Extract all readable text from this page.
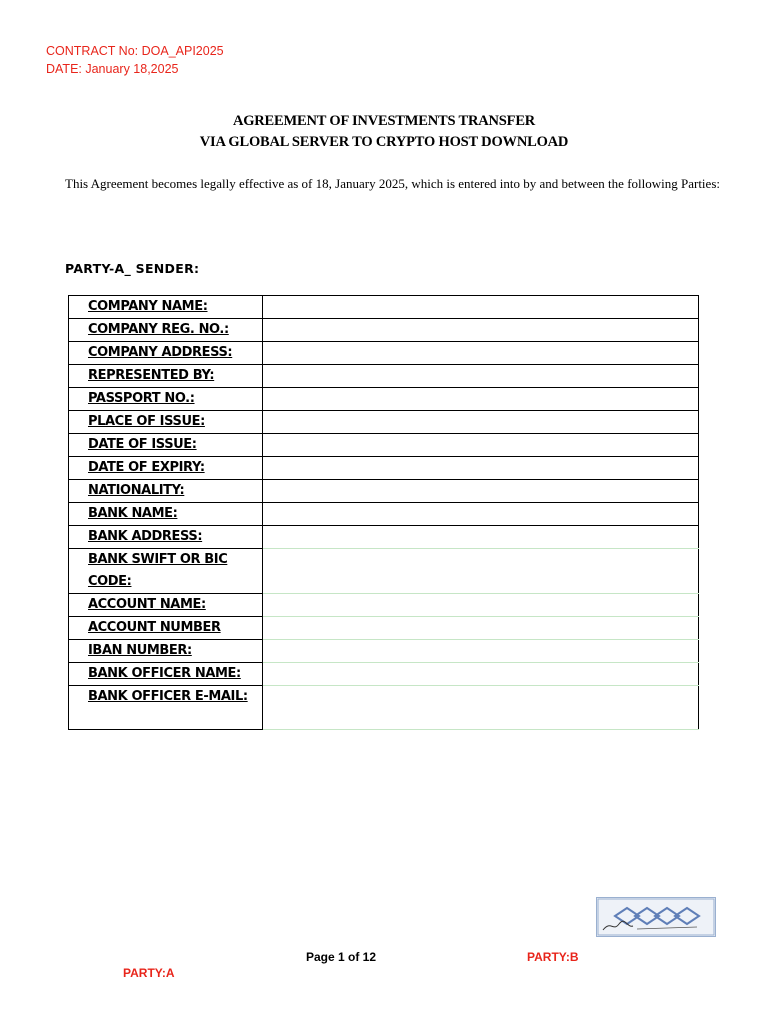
CONTRACT No: DOA_API2025
DATE: January 18,2025
AGREEMENT OF INVESTMENTS TRANSFER
VIA GLOBAL SERVER TO CRYPTO HOST DOWNLOAD
This Agreement becomes legally effective as of 18, January 2025, which is entered into by and between the following Parties:
PARTY-A_ SENDER:
COMPANY NAME:	
COMPANY REG. NO.:	
COMPANY ADDRESS:	
REPRESENTED BY:	
PASSPORT NO.:	
PLACE OF ISSUE:	
DATE OF ISSUE:	
DATE OF EXPIRY:	
NATIONALITY:	
BANK NAME:	
BANK ADDRESS:	
BANK SWIFT OR BIC CODE:	
ACCOUNT NAME:	
ACCOUNT NUMBER	
IBAN NUMBER:	
BANK OFFICER NAME:	
BANK OFFICER E-MAIL:	
Page 1 of 12	PARTY:B
PARTY:A
